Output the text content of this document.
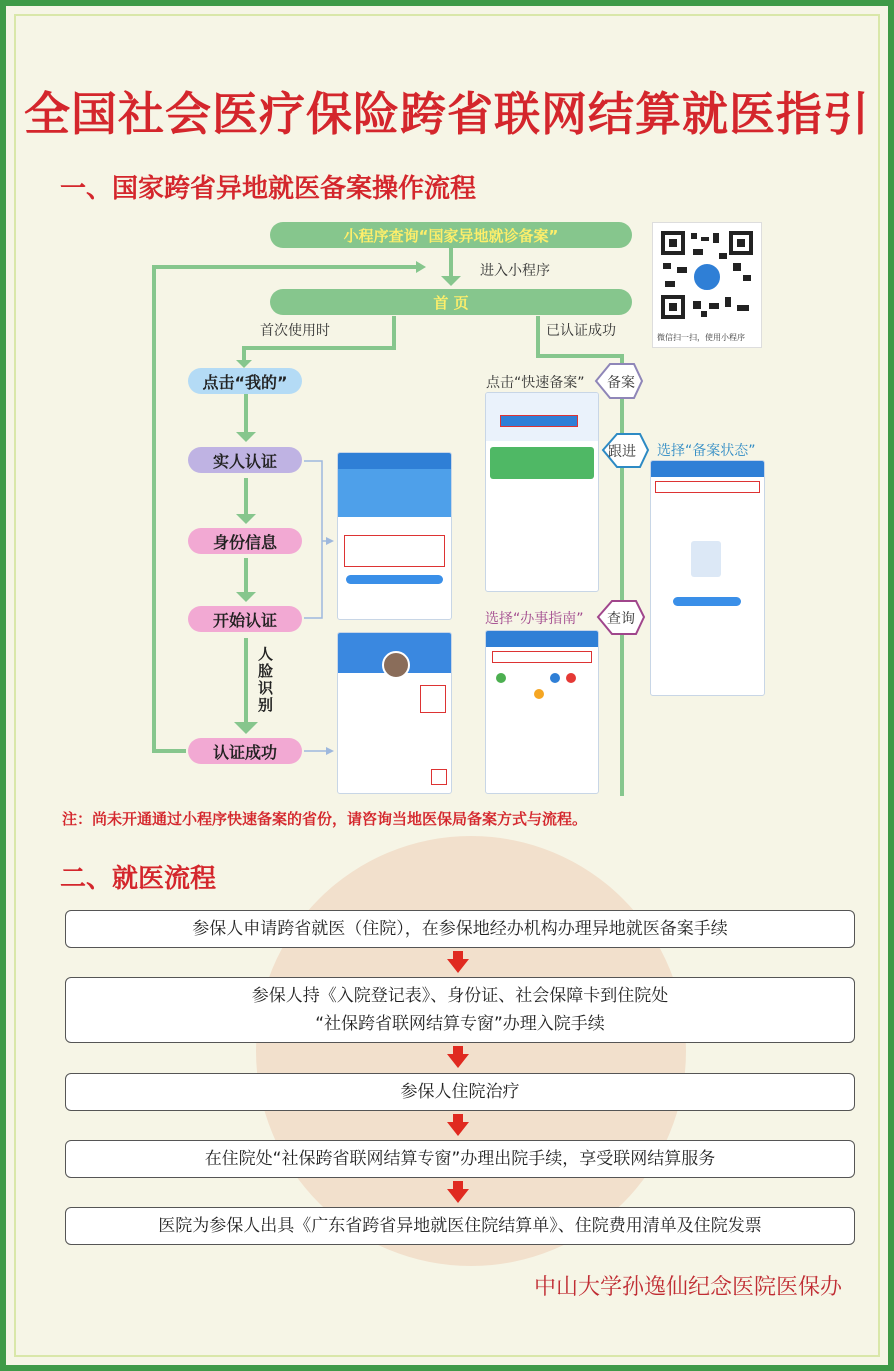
全国社会医疗保险跨省联网结算就医指引
一、国家跨省异地就医备案操作流程
小程序查询“国家异地就诊备案”
进入小程序
首 页
首次使用时	已认证成功	微信扫一扫，使用小程序
点击“我的”
实人认证
身份信息
开始认证
认证成功
人脸识别
点击“快速备案” 备案
跟进 选择“备案状态”
选择“办事指南” 查询
注：尚未开通通过小程序快速备案的省份，请咨询当地医保局备案方式与流程。
二、就医流程
参保人申请跨省就医（住院），在参保地经办机构办理异地就医备案手续
参保人持《入院登记表》、身份证、社会保障卡到住院处
“社保跨省联网结算专窗”办理入院手续
参保人住院治疗
在住院处“社保跨省联网结算专窗”办理出院手续，享受联网结算服务
医院为参保人出具《广东省跨省异地就医住院结算单》、住院费用清单及住院发票
中山大学孙逸仙纪念医院医保办
